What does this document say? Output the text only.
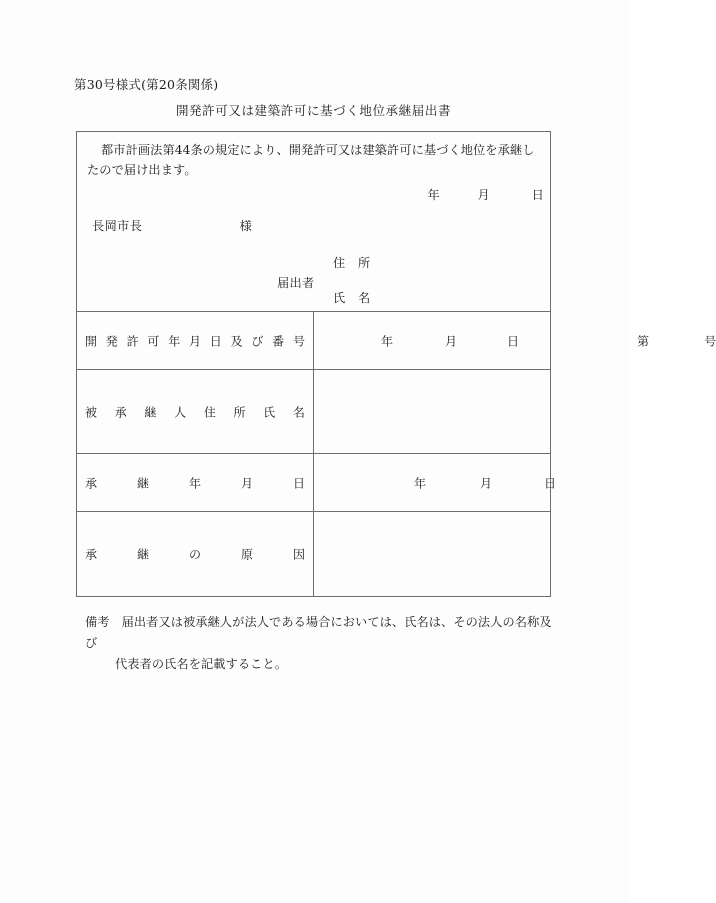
第30号様式(第20条関係)
開発許可又は建築許可に基づく地位承継届出書
都市計画法第44条の規定により、開発許可又は建築許可に基づく地位を承継したので届け出ます。
年	月	日
長岡市長	様
届出者
住　所
氏　名

開 発 許 可 年 月 日 及 び 番 号	年	月	日	第	号

被 承 継 人 住 所 氏 名

承 継 年 月 日	年 月 日

承 継 の 原 因	

備考 届出者又は被承継人が法人である場合においては、氏名は、その法人の名称及び
代表者の氏名を記載すること。
